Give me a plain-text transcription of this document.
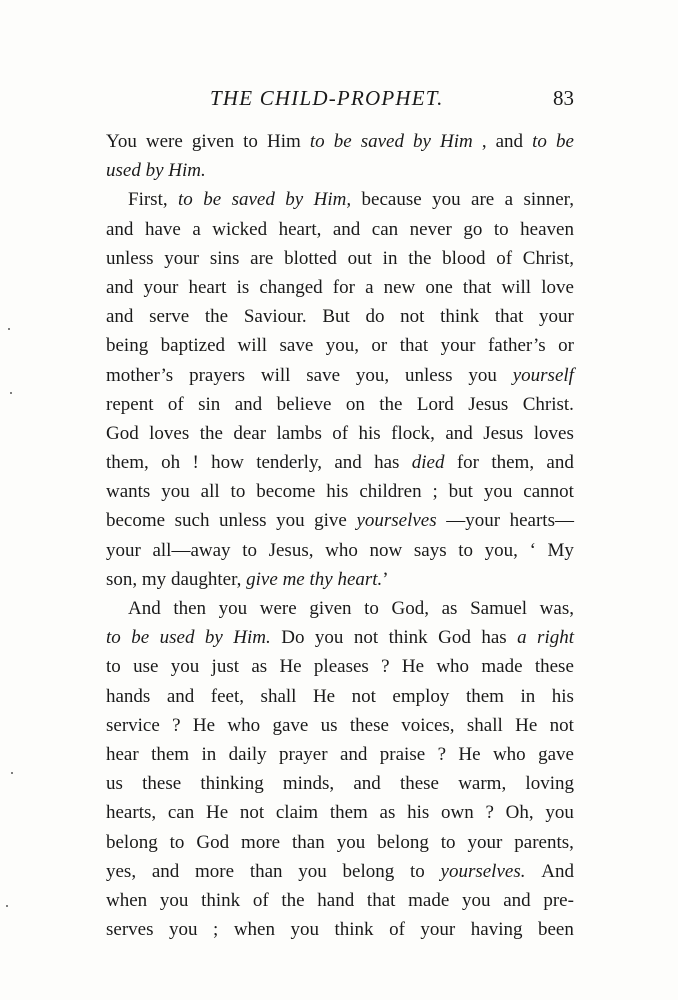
THE CHILD-PROPHET.	83
You were given to Him to be saved by Him , and to be
used
by
Him.
First, to be saved by Him, because you are a sinner,
and have a wicked heart, and can never go to heaven
unless your sins are blotted out in the blood of Christ,
and your heart is changed for a new one that will love
and serve the Saviour. But do not think that your
being baptized will save you, or that your father’s or
mother’s prayers will save you, unless you yourself
repent of sin and believe on the Lord Jesus Christ.
God loves the dear lambs of his flock, and Jesus loves
them, oh ! how tenderly, and has died for them, and
wants you all to become his children ; but you cannot
become such unless you give yourselves —your hearts—
your all—away to Jesus, who now says to you, ‘ My
son,
my
daughter,
give
me
thy
heart. ’
And then you were given to God, as Samuel was,
to be used by Him. Do you not think God has a right
to use you just as He pleases ? He who made these
hands and feet, shall He not employ them in his
service ? He who gave us these voices, shall He not
hear them in daily prayer and praise ? He who gave
us these thinking minds, and these warm, loving
hearts, can He not claim them as his own ? Oh, you
belong to God more than you belong to your parents,
yes, and more than you belong to yourselves. And
when you think of the hand that made you and pre-
serves you ; when you think of your having been
